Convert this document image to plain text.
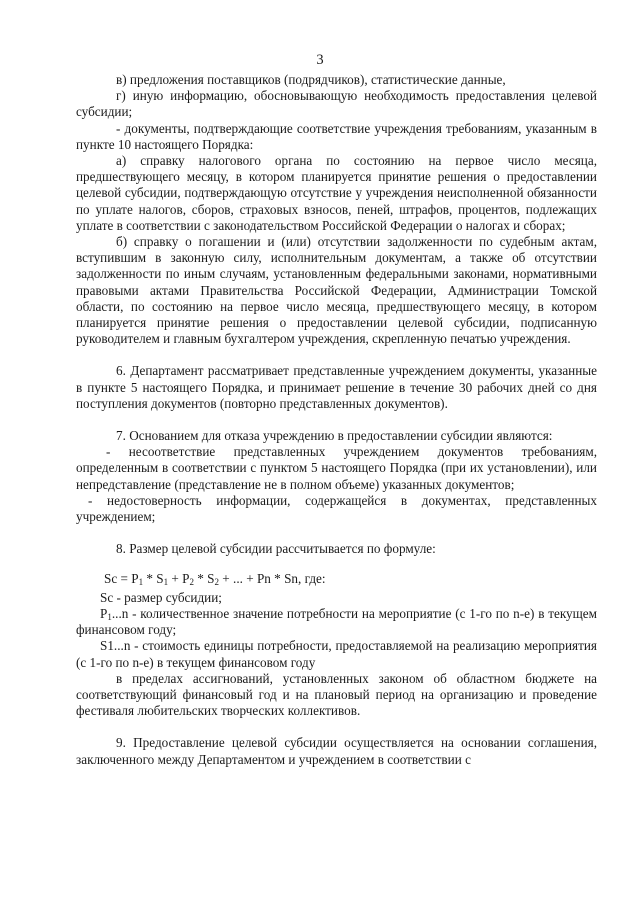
3

в) предложения поставщиков (подрядчиков), статистические данные,

г) иную информацию, обосновывающую необходимость предоставления целевой субсидии;

- документы, подтверждающие соответствие учреждения требованиям, указанным в пункте 10 настоящего Порядка:

а) справку налогового органа по состоянию на первое число месяца, предшествующего месяцу, в котором планируется принятие решения о предоставлении целевой субсидии, подтверждающую отсутствие у учреждения неисполненной обязанности по уплате налогов, сборов, страховых взносов, пеней, штрафов, процентов, подлежащих уплате в соответствии с законодательством Российской Федерации о налогах и сборах;

б) справку о погашении и (или) отсутствии задолженности по судебным актам, вступившим в законную силу, исполнительным документам, а также об отсутствии задолженности по иным случаям, установленным федеральными законами, нормативными правовыми актами Правительства Российской Федерации, Администрации Томской области, по состоянию на первое число месяца, предшествующего месяцу, в котором планируется принятие решения о предоставлении целевой субсидии, подписанную руководителем и главным бухгалтером учреждения, скрепленную печатью учреждения.

6. Департамент рассматривает представленные учреждением документы, указанные в пункте 5 настоящего Порядка, и принимает решение в течение 30 рабочих дней со дня поступления документов (повторно представленных документов).

7. Основанием для отказа учреждению в предоставлении субсидии являются:

- несоответствие представленных учреждением документов требованиям, определенным в соответствии с пунктом 5 настоящего Порядка (при их установлении), или непредставление (представление не в полном объеме) указанных документов;

- недостоверность информации, содержащейся в документах, представленных учреждением;

8. Размер целевой субсидии рассчитывается по формуле:

$Sc = P_1 * S_1 + P_2 * S_2$ + ... + Pn * Sn, где:

Sc - размер субсидии;

$P_1...n$ - количественное значение потребности на мероприятие (с 1-го по n-е) в текущем финансовом году;

S1...n - стоимость единицы потребности, предоставляемой на реализацию мероприятия (с 1-го по n-е) в текущем финансовом году

в пределах ассигнований, установленных законом об областном бюджете на соответствующий финансовый год и на плановый период на организацию и проведение фестиваля любительских творческих коллективов.

9. Предоставление целевой субсидии осуществляется на основании соглашения, заключенного между Департаментом и учреждением в соответствии с
